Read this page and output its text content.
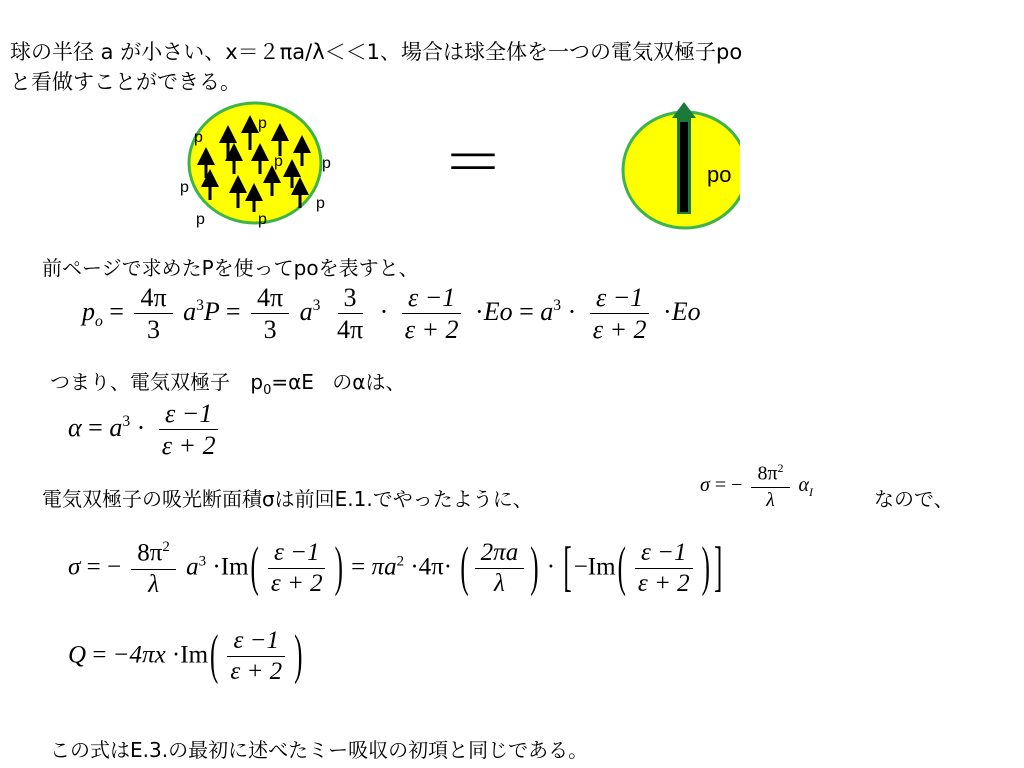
球の半径 a が小さい、x＝２πa/λ＜＜1、場合は球全体を一つの電気双極子po
と看做すことができる。
p
p
p p
p
p
p	p
＝	po
前ページで求めたPを使ってpoを表すと、
$p_o = \frac{4\pi}{3} a^3P = \frac{4\pi}{3} a^3 \frac{3}{4\pi} \cdot \frac{\varepsilon -1}{\varepsilon + 2} \cdot Eo = a^3 \cdot \frac{\varepsilon -1}{\varepsilon + 2} \cdot Eo$
つまり、電気双極子 $p_0=\alpha E$ のαは、
$\alpha = a^3 \cdot \frac{\varepsilon -1}{\varepsilon + 2}$
電気双極子の吸光断面積σは前回E.1.でやったように、
σ = − $\frac{8\pi^2}{\lambda} \alpha_I$	なので、
σ = − $\frac{8\pi^2}{\lambda} a^3 \cdot Im( \frac{\varepsilon -1}{\varepsilon + 2}$ ) = $\pi a^2 \cdot 4\pi\cdot$ ( $\frac{2\pi a}{\lambda}$ ) · [$-Im( \frac{\varepsilon -1}{\varepsilon + 2}$ ) ]
$Q = -4\pi x \cdot Im( \frac{\varepsilon -1}{\varepsilon + 2}$ )
この式はE.3.の最初に述べたミー吸収の初項と同じである。
